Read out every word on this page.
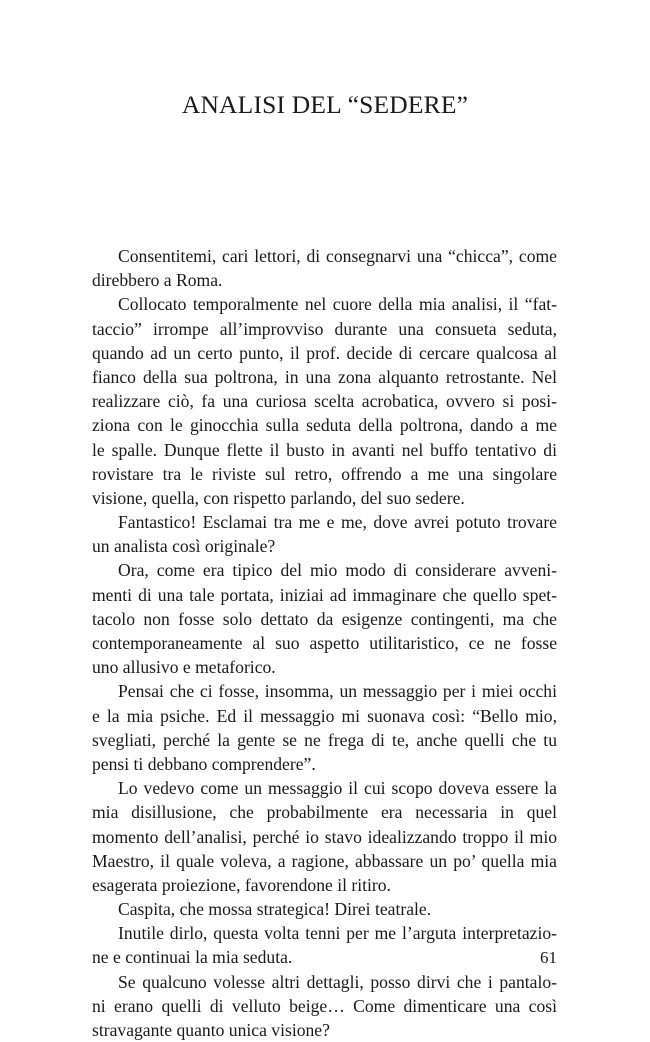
ANALISI DEL “SEDERE”

Consentitemi, cari lettori, di consegnarvi una “chicca”, come
direbbero a Roma.

Collocato temporalmente nel cuore della mia analisi, il “fat-
taccio” irrompe all’improvviso durante una consueta seduta,
quando ad un certo punto, il prof. decide di cercare qualcosa al
fianco della sua poltrona, in una zona alquanto retrostante. Nel
realizzare ciò, fa una curiosa scelta acrobatica, ovvero si posi-
ziona con le ginocchia sulla seduta della poltrona, dando a me
le spalle. Dunque flette il busto in avanti nel buffo tentativo di
rovistare tra le riviste sul retro, offrendo a me una singolare
visione, quella, con rispetto parlando, del suo sedere.

Fantastico! Esclamai tra me e me, dove avrei potuto trovare
un analista così originale?

Ora, come era tipico del mio modo di considerare avveni-
menti di una tale portata, iniziai ad immaginare che quello spet-
tacolo non fosse solo dettato da esigenze contingenti, ma che
contemporaneamente al suo aspetto utilitaristico, ce ne fosse
uno allusivo e metaforico.

Pensai che ci fosse, insomma, un messaggio per i miei occhi
e la mia psiche. Ed il messaggio mi suonava così: “Bello mio,
svegliati, perché la gente se ne frega di te, anche quelli che tu
pensi ti debbano comprendere”.

Lo vedevo come un messaggio il cui scopo doveva essere la
mia disillusione, che probabilmente era necessaria in quel
momento dell’analisi, perché io stavo idealizzando troppo il mio
Maestro, il quale voleva, a ragione, abbassare un po’ quella mia
esagerata proiezione, favorendone il ritiro.

Caspita, che mossa strategica! Direi teatrale.

Inutile dirlo, questa volta tenni per me l’arguta interpretazio-
ne e continuai la mia seduta.

Se qualcuno volesse altri dettagli, posso dirvi che i pantalo-
ni erano quelli di velluto beige… Come dimenticare una così
stravagante quanto unica visione?

61
